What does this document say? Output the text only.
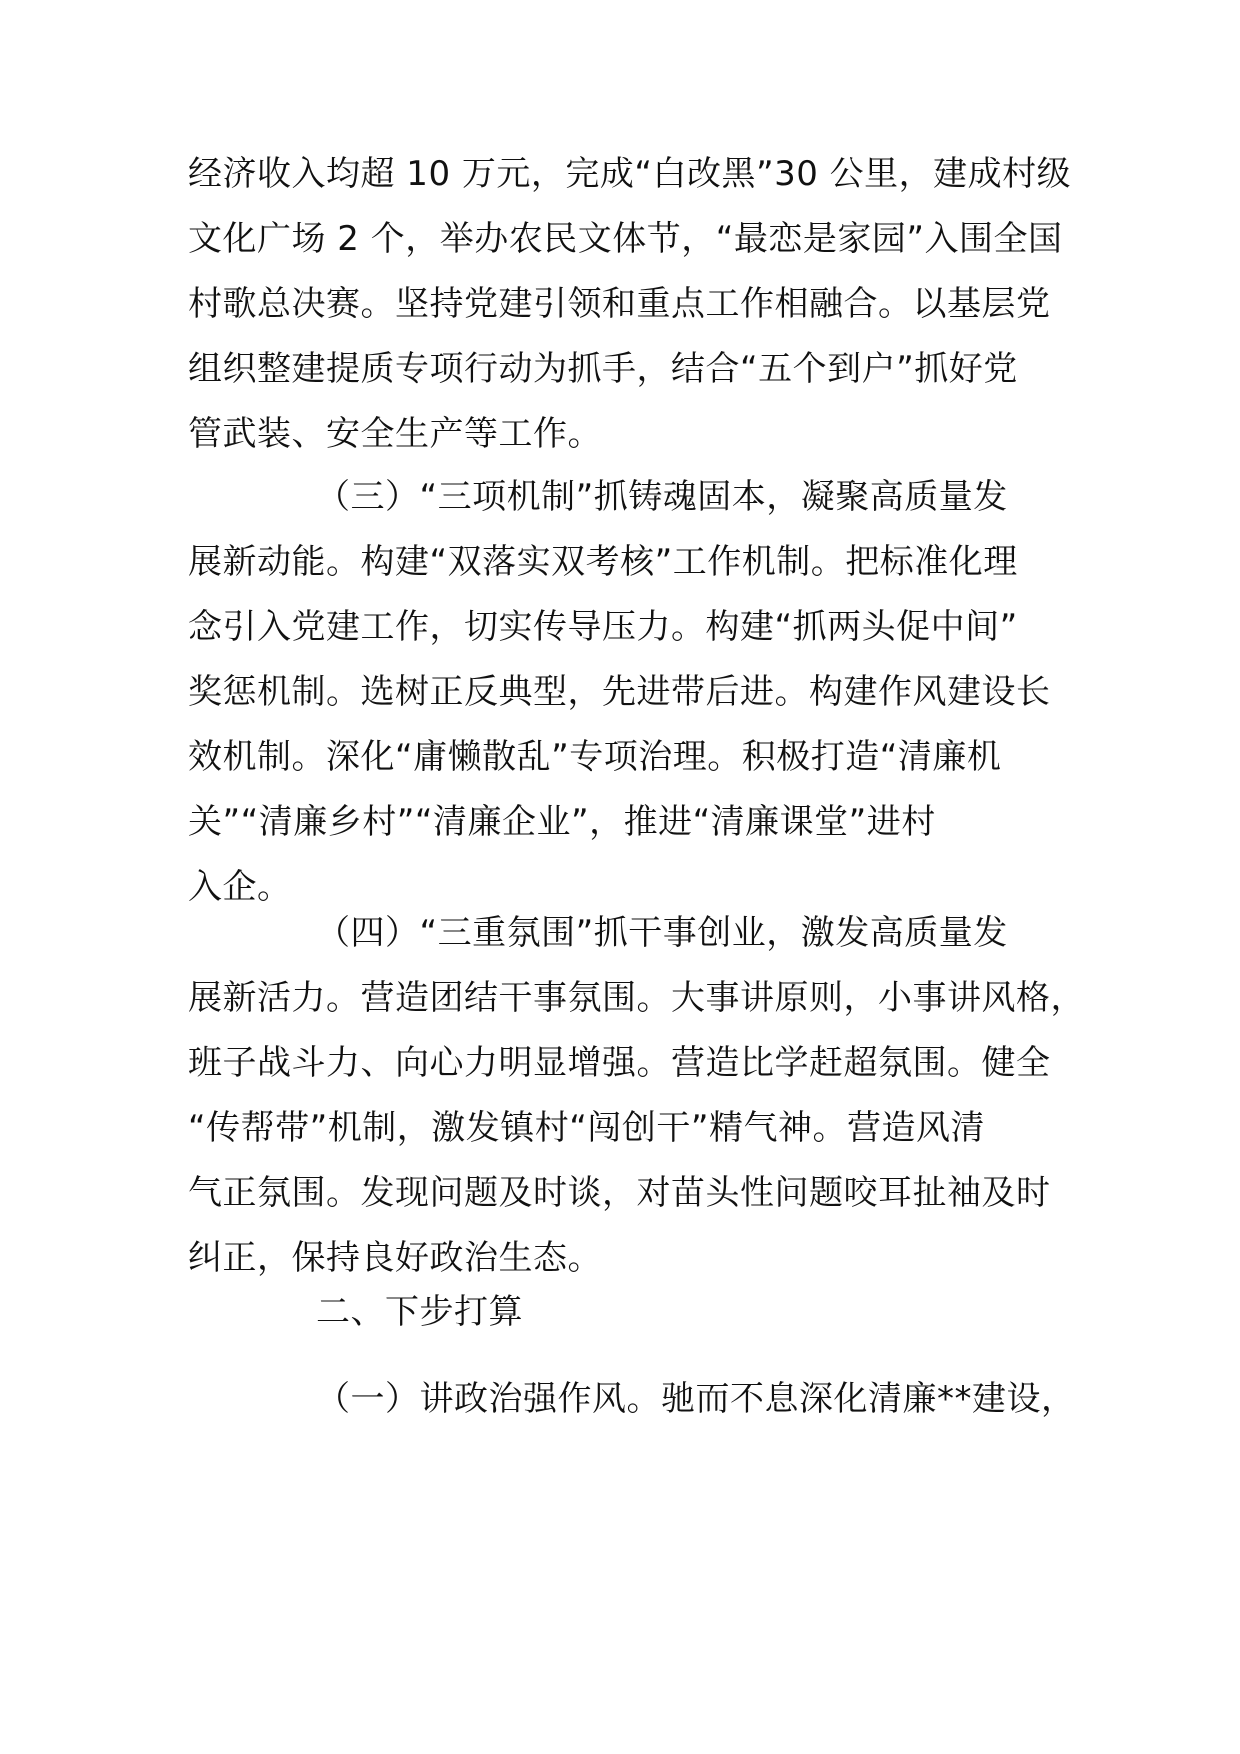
经济收入均超 10 万元，完成“白改黑”30 公里，建成村级
文化广场 2 个，举办农民文体节，“最恋是家园”入围全国
村歌总决赛。坚持党建引领和重点工作相融合。以基层党
组织整建提质专项行动为抓手，结合“五个到户”抓好党
管武装、安全生产等工作。
（三）“三项机制”抓铸魂固本，凝聚高质量发
展新动能。构建“双落实双考核”工作机制。把标准化理
念引入党建工作，切实传导压力。构建“抓两头促中间”
奖惩机制。选树正反典型，先进带后进。构建作风建设长
效机制。深化“庸懒散乱”专项治理。积极打造“清廉机
关”“清廉乡村”“清廉企业”，推进“清廉课堂”进村
入企。
（四）“三重氛围”抓干事创业，激发高质量发
展新活力。营造团结干事氛围。大事讲原则，小事讲风格，
班子战斗力、向心力明显增强。营造比学赶超氛围。健全
“传帮带”机制，激发镇村“闯创干”精气神。营造风清
气正氛围。发现问题及时谈，对苗头性问题咬耳扯袖及时
纠正，保持良好政治生态。
二、下步打算
（一）讲政治强作风。驰而不息深化清廉**建设，
